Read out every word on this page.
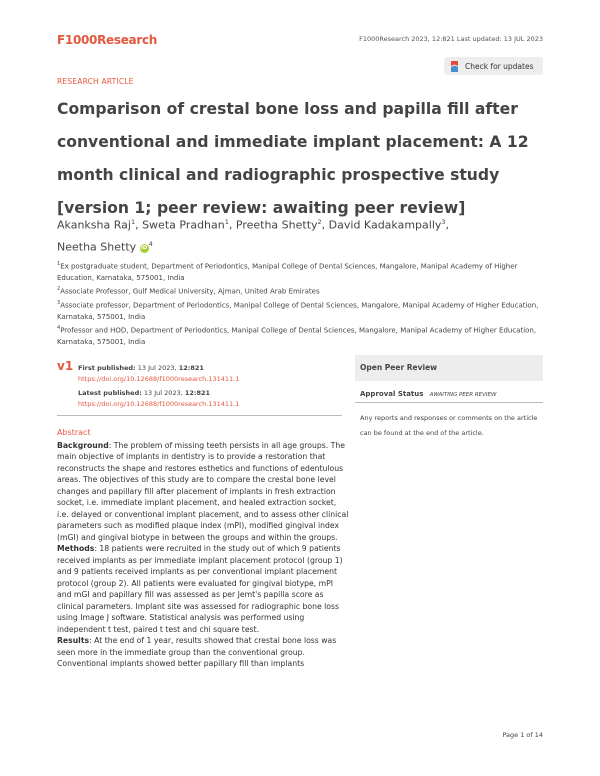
F1000Research	F1000Research 2023, 12:821 Last updated: 13 JUL 2023
RESEARCH ARTICLE
Check for updates
Comparison of crestal bone loss and papilla fill after conventional and immediate implant placement: A 12 month clinical and radiographic prospective study [version 1; peer review: awaiting peer review]
Akanksha Raj$^1$, Sweta Pradhan$^1$, Preetha Shetty$^2$, David Kadakampally$^3$,
Neetha Shetty $iD^4$
$^1$Ex postgraduate student, Department of Periodontics, Manipal College of Dental Sciences, Mangalore, Manipal Academy of Higher Education, Karnataka, 575001, India
$^2$Associate Professor, Gulf Medical University, Ajman, United Arab Emirates
$^3$Associate professor, Department of Periodontics, Manipal College of Dental Sciences, Mangalore, Manipal Academy of Higher Education, Karnataka, 575001, India
$^4$Professor and HOD, Department of Periodontics, Manipal College of Dental Sciences, Mangalore, Manipal Academy of Higher Education, Karnataka, 575001, India
v1 First published: 13 Jul 2023, 12:821
https://doi.org/10.12688/f1000research.131411.1
Latest published: 13 Jul 2023, 12:821
https://doi.org/10.12688/f1000research.131411.1
Open Peer Review
Approval Status AWAITING PEER REVIEW
Any reports and responses or comments on the article can be found at the end of the article.
Abstract

Background: The problem of missing teeth persists in all age groups. The main objective of implants in dentistry is to provide a restoration that reconstructs the shape and restores esthetics and functions of edentulous areas. The objectives of this study are to compare the crestal bone level changes and papillary fill after placement of implants in fresh extraction socket, i.e. immediate implant placement, and healed extraction socket, i.e. delayed or conventional implant placement, and to assess other clinical parameters such as modified plaque index (mPI), modified gingival index (mGI) and gingival biotype in between the groups and within the groups.

Methods: 18 patients were recruited in the study out of which 9 patients received implants as per immediate implant placement protocol (group 1) and 9 patients received implants as per conventional implant placement protocol (group 2). All patients were evaluated for gingival biotype, mPI and mGI and papillary fill was assessed as per Jemt's papilla score as clinical parameters. Implant site was assessed for radiographic bone loss using Image J software. Statistical analysis was performed using independent t test, paired t test and chi square test.

Results: At the end of 1 year, results showed that crestal bone loss was seen more in the immediate group than the conventional group. Conventional implants showed better papillary fill than implants

Page 1 of 14
